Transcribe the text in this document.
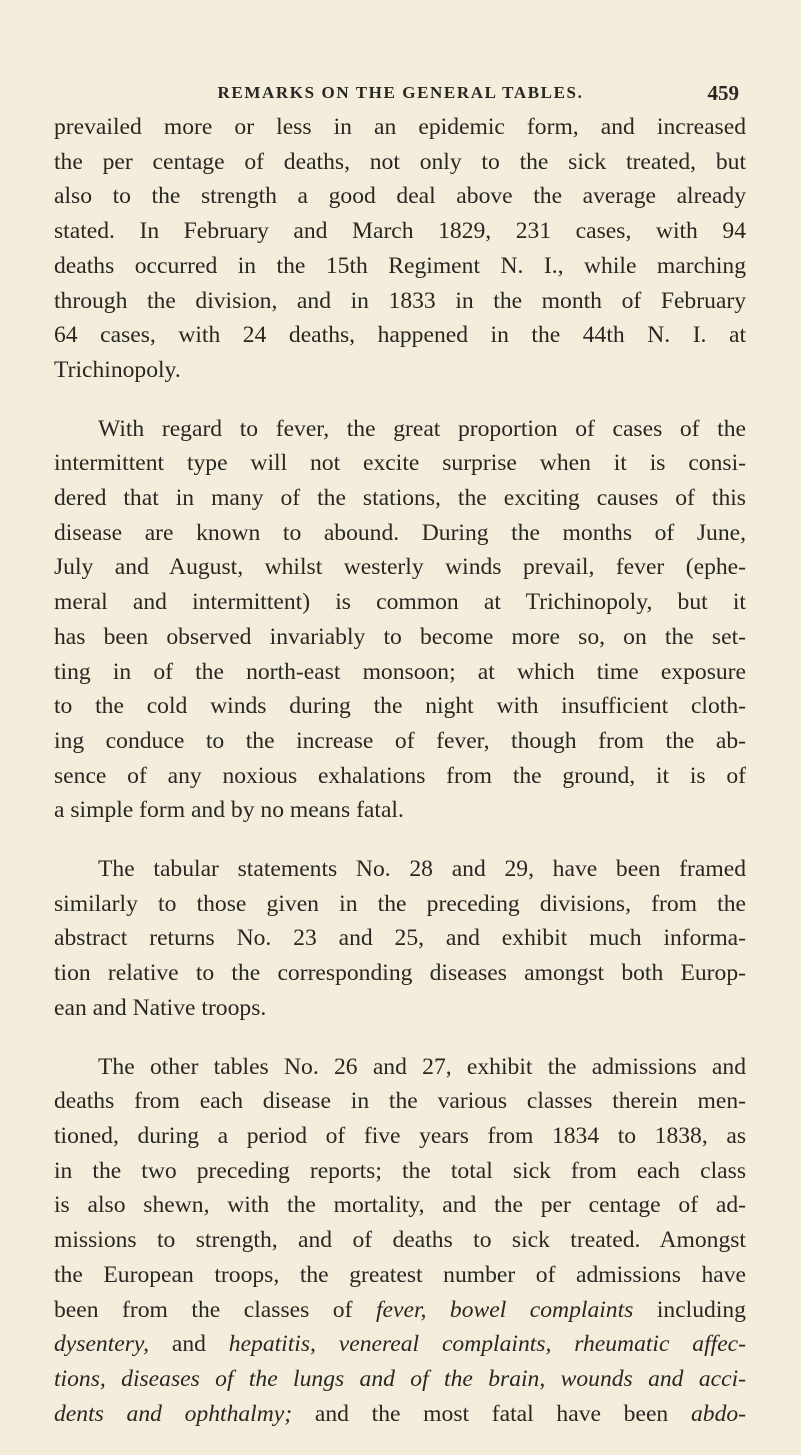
REMARKS ON THE GENERAL TABLES.	459

prevailed more or less in an epidemic form, and increased
the per centage of deaths, not only to the sick treated, but
also to the strength a good deal above the average already
stated. In February and March 1829, 231 cases, with 94
deaths occurred in the 15th Regiment N. I., while marching
through the division, and in 1833 in the month of February
64 cases, with 24 deaths, happened in the 44th N. I. at
Trichinopoly.

With regard to fever, the great proportion of cases of the
intermittent type will not excite surprise when it is consi-
dered that in many of the stations, the exciting causes of this
disease are known to abound. During the months of June,
July and August, whilst westerly winds prevail, fever (ephe-
meral and intermittent) is common at Trichinopoly, but it
has been observed invariably to become more so, on the set-
ting in of the north-east monsoon; at which time exposure
to the cold winds during the night with insufficient cloth-
ing conduce to the increase of fever, though from the ab-
sence of any noxious exhalations from the ground, it is of
a simple form and by no means fatal.

The tabular statements No. 28 and 29, have been framed
similarly to those given in the preceding divisions, from the
abstract returns No. 23 and 25, and exhibit much informa-
tion relative to the corresponding diseases amongst both Europ-
ean and Native troops.

The other tables No. 26 and 27, exhibit the admissions and
deaths from each disease in the various classes therein men-
tioned, during a period of five years from 1834 to 1838, as
in the two preceding reports; the total sick from each class
is also shewn, with the mortality, and the per centage of ad-
missions to strength, and of deaths to sick treated. Amongst
the European troops, the greatest number of admissions have
been from the classes of fever, bowel complaints including
dysentery, and hepatitis, venereal complaints, rheumatic affec-
tions, diseases of the lungs and of the brain, wounds and acci-
dents and ophthalmy; and the most fatal have been abdo-
